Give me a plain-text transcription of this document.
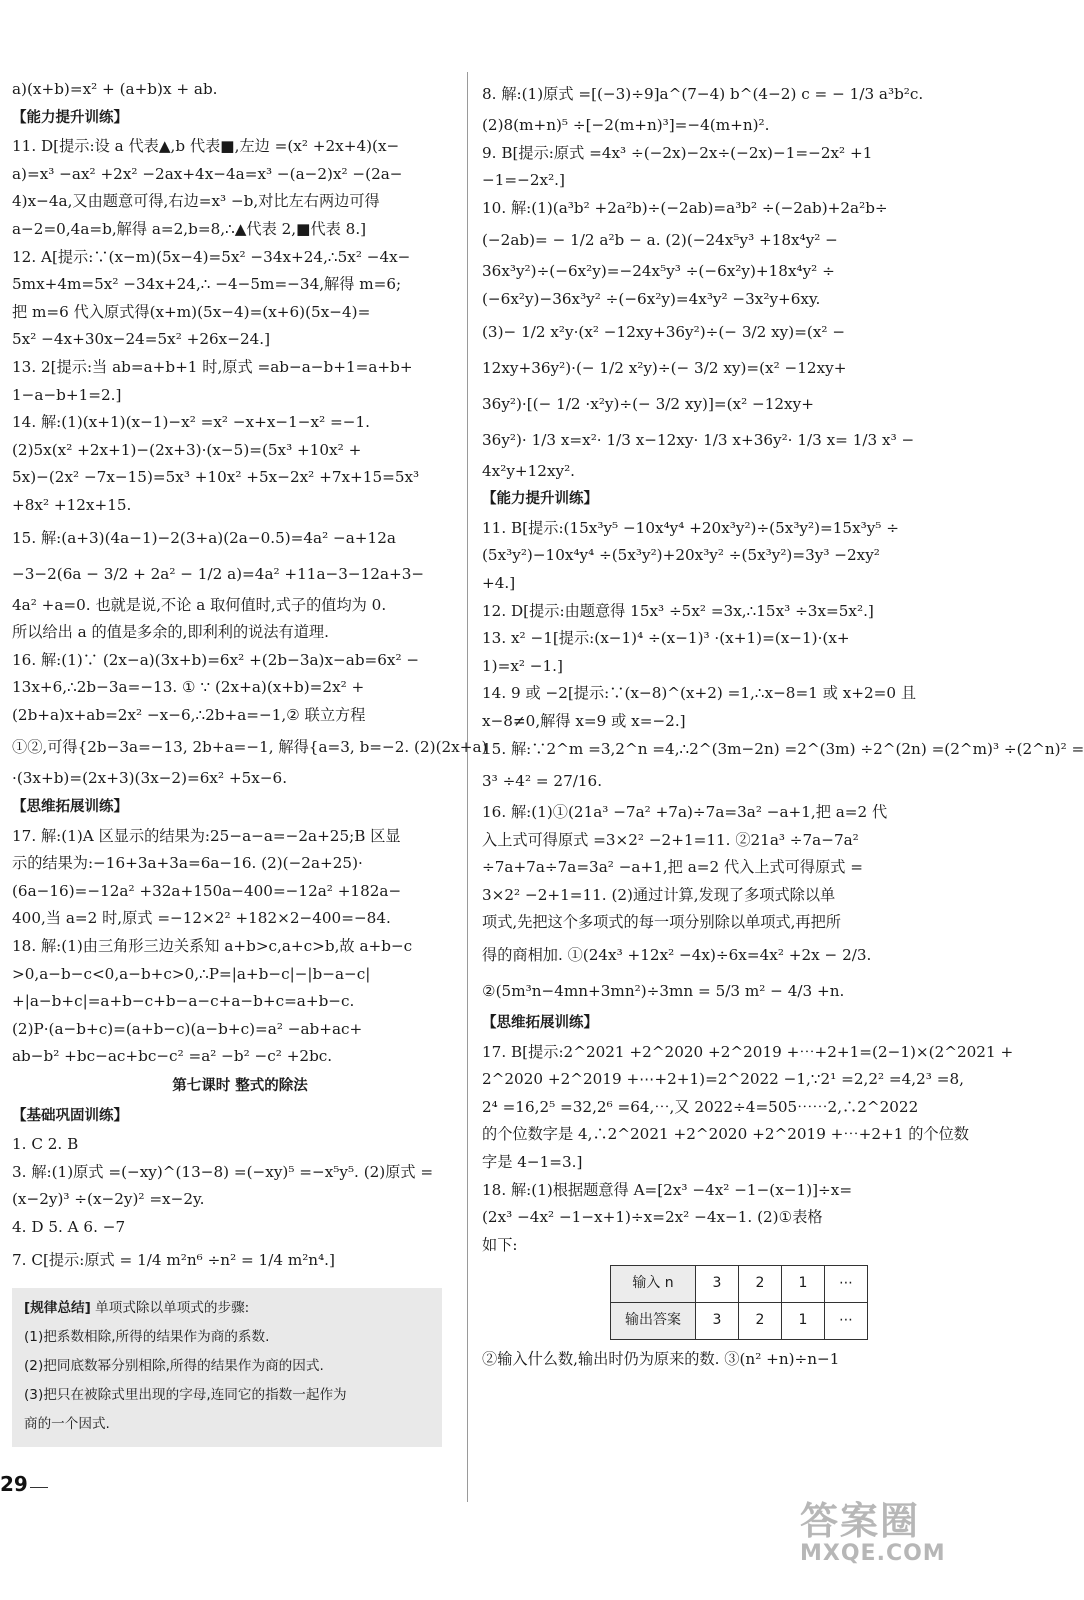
a)(x+b)=x² + (a+b)x + ab.
【能力提升训练】
11. D[提示:设 a 代表▲,b 代表■,左边 =(x² +2x+4)(x−
a)=x³ −ax² +2x² −2ax+4x−4a=x³ −(a−2)x² −(2a−
4)x−4a,又由题意可得,右边=x³ −b,对比左右两边可得
a−2=0,4a=b,解得 a=2,b=8,∴▲代表 2,■代表 8.]
12. A[提示:∵(x−m)(5x−4)=5x² −34x+24,∴5x² −4x−
5mx+4m=5x² −34x+24,∴ −4−5m=−34,解得 m=6;
把 m=6 代入原式得(x+m)(5x−4)=(x+6)(5x−4)=
5x² −4x+30x−24=5x² +26x−24.]
13. 2[提示:当 ab=a+b+1 时,原式 =ab−a−b+1=a+b+
1−a−b+1=2.]
14. 解:(1)(x+1)(x−1)−x² =x² −x+x−1−x² =−1.
(2)5x(x² +2x+1)−(2x+3)·(x−5)=(5x³ +10x² +
5x)−(2x² −7x−15)=5x³ +10x² +5x−2x² +7x+15=5x³
+8x² +12x+15.
15. 解:(a+3)(4a−1)−2(3+a)(2a−0.5)=4a² −a+12a
−3−2(6a − 3/2 + 2a² − 1/2 a)=4a² +11a−3−12a+3−
4a² +a=0. 也就是说,不论 a 取何值时,式子的值均为 0.
所以给出 a 的值是多余的,即利利的说法有道理.
16. 解:(1)∵ (2x−a)(3x+b)=6x² +(2b−3a)x−ab=6x² −
13x+6,∴2b−3a=−13. ① ∵ (2x+a)(x+b)=2x² +
(2b+a)x+ab=2x² −x−6,∴2b+a=−1,② 联立方程
①②,可得{2b−3a=−13, 2b+a=−1, 解得{a=3, b=−2. (2)(2x+a)
·(3x+b)=(2x+3)(3x−2)=6x² +5x−6.
【思维拓展训练】
17. 解:(1)A 区显示的结果为:25−a−a=−2a+25;B 区显
示的结果为:−16+3a+3a=6a−16. (2)(−2a+25)·
(6a−16)=−12a² +32a+150a−400=−12a² +182a−
400,当 a=2 时,原式 =−12×2² +182×2−400=−84.
18. 解:(1)由三角形三边关系知 a+b>c,a+c>b,故 a+b−c
>0,a−b−c<0,a−b+c>0,∴P=|a+b−c|−|b−a−c|
+|a−b+c|=a+b−c+b−a−c+a−b+c=a+b−c.
(2)P·(a−b+c)=(a+b−c)(a−b+c)=a² −ab+ac+
ab−b² +bc−ac+bc−c² =a² −b² −c² +2bc.
第七课时 整式的除法
【基础巩固训练】
1. C 2. B
3. 解:(1)原式 =(−xy)^(13−8) =(−xy)⁵ =−x⁵y⁵. (2)原式 =
(x−2y)³ ÷(x−2y)² =x−2y.
4. D 5. A 6. −7
7. C[提示:原式 = 1/4 m²n⁶ ÷n² = 1/4 m²n⁴.]
[规律总结] 单项式除以单项式的步骤:
(1)把系数相除,所得的结果作为商的系数.
(2)把同底数幂分别相除,所得的结果作为商的因式.
(3)把只在被除式里出现的字母,连同它的指数一起作为
商的一个因式.
8. 解:(1)原式 =[(−3)÷9]a^(7−4) b^(4−2) c = − 1/3 a³b²c.
(2)8(m+n)⁵ ÷[−2(m+n)³]=−4(m+n)².
9. B[提示:原式 =4x³ ÷(−2x)−2x÷(−2x)−1=−2x² +1
−1=−2x².]
10. 解:(1)(a³b² +2a²b)÷(−2ab)=a³b² ÷(−2ab)+2a²b÷
(−2ab)= − 1/2 a²b − a. (2)(−24x⁵y³ +18x⁴y² −
36x³y²)÷(−6x²y)=−24x⁵y³ ÷(−6x²y)+18x⁴y² ÷
(−6x²y)−36x³y² ÷(−6x²y)=4x³y² −3x²y+6xy.
(3)− 1/2 x²y·(x² −12xy+36y²)÷(− 3/2 xy)=(x² −
12xy+36y²)·(− 1/2 x²y)÷(− 3/2 xy)=(x² −12xy+
36y²)·[(− 1/2 ·x²y)÷(− 3/2 xy)]=(x² −12xy+
36y²)· 1/3 x=x²· 1/3 x−12xy· 1/3 x+36y²· 1/3 x= 1/3 x³ −
4x²y+12xy².
【能力提升训练】
11. B[提示:(15x³y⁵ −10x⁴y⁴ +20x³y²)÷(5x³y²)=15x³y⁵ ÷
(5x³y²)−10x⁴y⁴ ÷(5x³y²)+20x³y² ÷(5x³y²)=3y³ −2xy²
+4.]
12. D[提示:由题意得 15x³ ÷5x² =3x,∴15x³ ÷3x=5x².]
13. x² −1[提示:(x−1)⁴ ÷(x−1)³ ·(x+1)=(x−1)·(x+
1)=x² −1.]
14. 9 或 −2[提示:∵(x−8)^(x+2) =1,∴x−8=1 或 x+2=0 且
x−8≠0,解得 x=9 或 x=−2.]
15. 解:∵2^m =3,2^n =4,∴2^(3m−2n) =2^(3m) ÷2^(2n) =(2^m)³ ÷(2^n)² =
3³ ÷4² = 27/16.
16. 解:(1)①(21a³ −7a² +7a)÷7a=3a² −a+1,把 a=2 代
入上式可得原式 =3×2² −2+1=11. ②21a³ ÷7a−7a²
÷7a+7a÷7a=3a² −a+1,把 a=2 代入上式可得原式 =
3×2² −2+1=11. (2)通过计算,发现了多项式除以单
项式,先把这个多项式的每一项分别除以单项式,再把所
得的商相加. ①(24x³ +12x² −4x)÷6x=4x² +2x − 2/3.
②(5m³n−4mn+3mn²)÷3mn = 5/3 m² − 4/3 +n.
【思维拓展训练】
17. B[提示:2^2021 +2^2020 +2^2019 +⋯+2+1=(2−1)×(2^2021 +
2^2020 +2^2019 +⋯+2+1)=2^2022 −1,∵2¹ =2,2² =4,2³ =8,
2⁴ =16,2⁵ =32,2⁶ =64,⋯,又 2022÷4=505⋯⋯2,∴2^2022
的个位数字是 4,∴2^2021 +2^2020 +2^2019 +⋯+2+1 的个位数
字是 4−1=3.]
18. 解:(1)根据题意得 A=[2x³ −4x² −1−(x−1)]÷x=
(2x³ −4x² −1−x+1)÷x=2x² −4x−1. (2)①表格
如下:
输入 n	3	2	1	⋯
输出答案	3	2	1	⋯
②输入什么数,输出时仍为原来的数. ③(n² +n)÷n−1
29
答案圈
MXQE.COM
